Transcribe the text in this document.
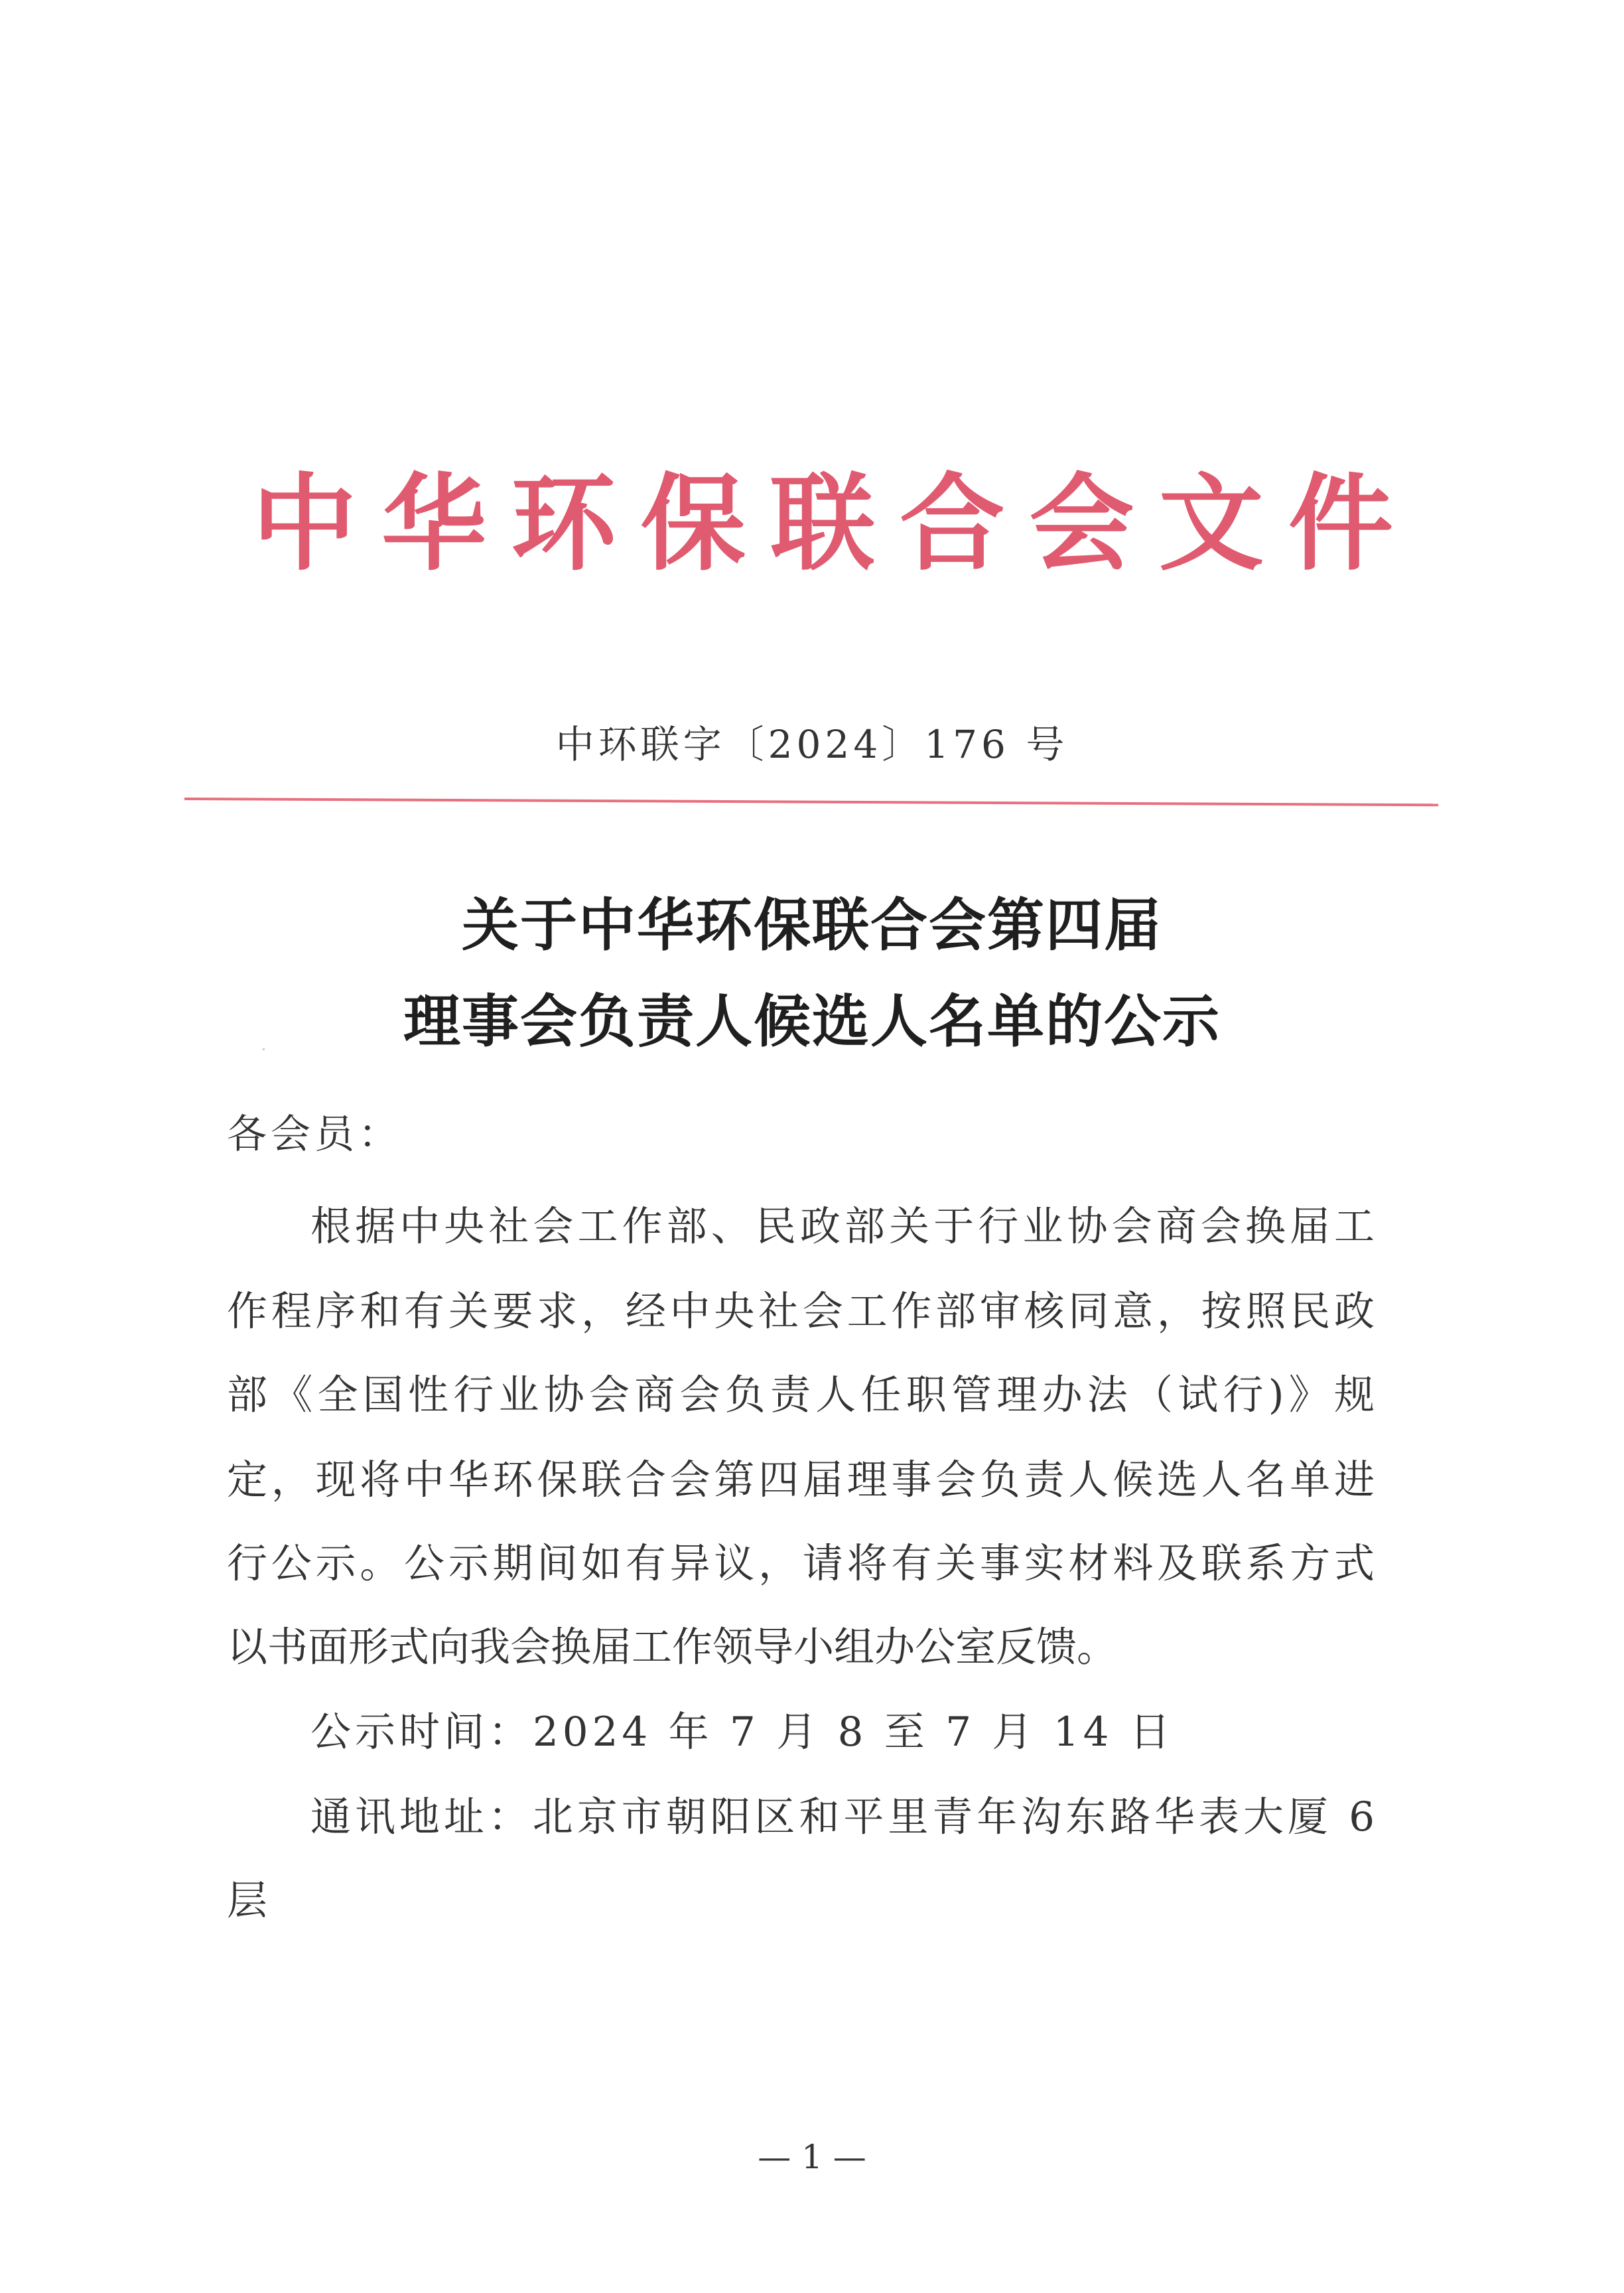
中 华 环 保 联 合 会 文 件
中环联字〔2024〕176 号
关于中华环保联合会第四届
理事会负责人候选人名单的公示
各会员：
根据中央社会工作部、民政部关于行业协会商会换届工
作程序和有关要求，经中央社会工作部审核同意，按照民政
部《全国性行业协会商会负责人任职管理办法（试行)》规
定，现将中华环保联合会第四届理事会负责人候选人名单进
行公示。公示期间如有异议，请将有关事实材料及联系方式
以书面形式向我会换届工作领导小组办公室反馈。
公示时间：2024 年 7 月 8 至 7 月 14 日
通讯地址：北京市朝阳区和平里青年沟东路华表大厦 6
层
— 1 —
